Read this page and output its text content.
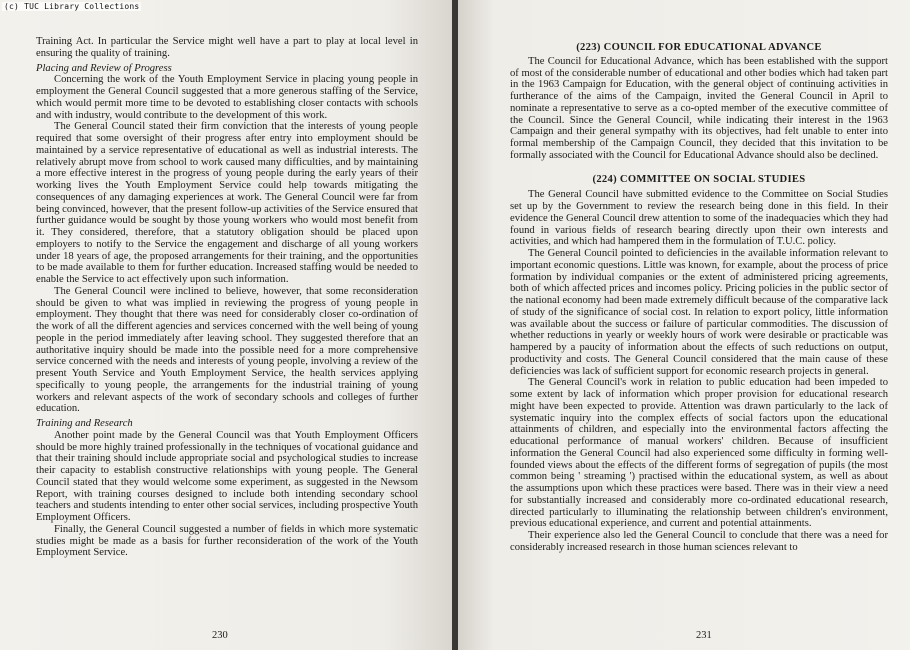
(c) TUC Library Collections

Training Act. In particular the Service might well have a part to play at local level in ensuring the quality of training.

Placing and Review of Progress

Concerning the work of the Youth Employment Service in placing young people in employment the General Council suggested that a more generous staffing of the Service, which would permit more time to be devoted to establishing closer contacts with schools and with industry, would contribute to the development of this work.

The General Council stated their firm conviction that the interests of young people required that some oversight of their progress after entry into employment should be maintained by a service representative of educational as well as industrial interests. The relatively abrupt move from school to work caused many difficulties, and by maintaining a more effective interest in the progress of young people during the early years of their working lives the Youth Employment Service could help towards mitigating the consequences of any damaging experiences at work. The General Council were far from being convinced, however, that the present follow-up activities of the Service ensured that further guidance would be sought by those young workers who would most benefit from it. They considered, therefore, that a statutory obligation should be placed upon employers to notify to the Service the engagement and discharge of all young workers under 18 years of age, the proposed arrangements for their training, and the opportunities to be made available to them for further education. Increased staffing would be needed to enable the Service to act effectively upon such information.

The General Council were inclined to believe, however, that some reconsideration should be given to what was implied in reviewing the progress of young people in employment. They thought that there was need for considerably closer co-ordination of the work of all the different agencies and services concerned with the well being of young people in the period immediately after leaving school. They suggested therefore that an authoritative inquiry should be made into the possible need for a more comprehensive service concerned with the needs and interests of young people, involving a review of the present Youth Service and Youth Employment Service, the health services applying specifically to young people, the arrangements for the industrial training of young workers and relevant aspects of the work of secondary schools and colleges of further education.

Training and Research

Another point made by the General Council was that Youth Employment Officers should be more highly trained professionally in the techniques of vocational guidance and that their training should include appropriate social and psychological studies to increase their capacity to establish constructive relationships with young people. The General Council stated that they would welcome some experiment, as suggested in the Newsom Report, with training courses designed to include both intending secondary school teachers and students intending to enter other social services, including prospective Youth Employment Officers.

Finally, the General Council suggested a number of fields in which more systematic studies might be made as a basis for further reconsideration of the work of the Youth Employment Service.

230
(223) COUNCIL FOR EDUCATIONAL ADVANCE

The Council for Educational Advance, which has been established with the support of most of the considerable number of educational and other bodies which had taken part in the 1963 Campaign for Education, with the general object of continuing activities in furtherance of the aims of the Campaign, invited the General Council in April to nominate a representative to serve as a co-opted member of the executive committee of the Council. Since the General Council, while indicating their interest in the 1963 Campaign and their general sympathy with its objectives, had felt unable to enter into formal membership of the Campaign Council, they decided that this invitation to be formally associated with the Council for Educational Advance should also be declined.

(224) COMMITTEE ON SOCIAL STUDIES

The General Council have submitted evidence to the Committee on Social Studies set up by the Government to review the research being done in this field. In their evidence the General Council drew attention to some of the inadequacies which they had found in various fields of research bearing directly upon their own interests and activities, and which had hampered them in the formulation of T.U.C. policy.

The General Council pointed to deficiencies in the available information relevant to important economic questions. Little was known, for example, about the process of price formation by individual companies or the extent of administered pricing agreements, both of which affected prices and incomes policy. Pricing policies in the public sector of the national economy had been made extremely difficult because of the comparative lack of study of the significance of social cost. In relation to export policy, little information was available about the success or failure of particular commodities. The discussion of whether reductions in yearly or weekly hours of work were desirable or practicable was hampered by a paucity of information about the effects of such reductions on output, productivity and costs. The General Council considered that the main cause of these deficiencies was lack of sufficient support for economic research projects in general.

The General Council's work in relation to public education had been impeded to some extent by lack of information which proper provision for educational research might have been expected to provide. Attention was drawn particularly to the lack of systematic inquiry into the complex effects of social factors upon the educational attainments of children, and especially into the environmental factors affecting the educational performance of manual workers' children. Because of insufficient information the General Council had also experienced some difficulty in forming well-founded views about the effects of the different forms of segregation of pupils (the most common being ' streaming ') practised within the educational system, as well as about the assumptions upon which these practices were based. There was in their view a need for substantially increased and considerably more co-ordinated educational research, directed particularly to illuminating the relationship between children's environment, previous educational experience, and current and potential attainments.

Their experience also led the General Council to conclude that there was a need for considerably increased research in those human sciences relevant to

231
